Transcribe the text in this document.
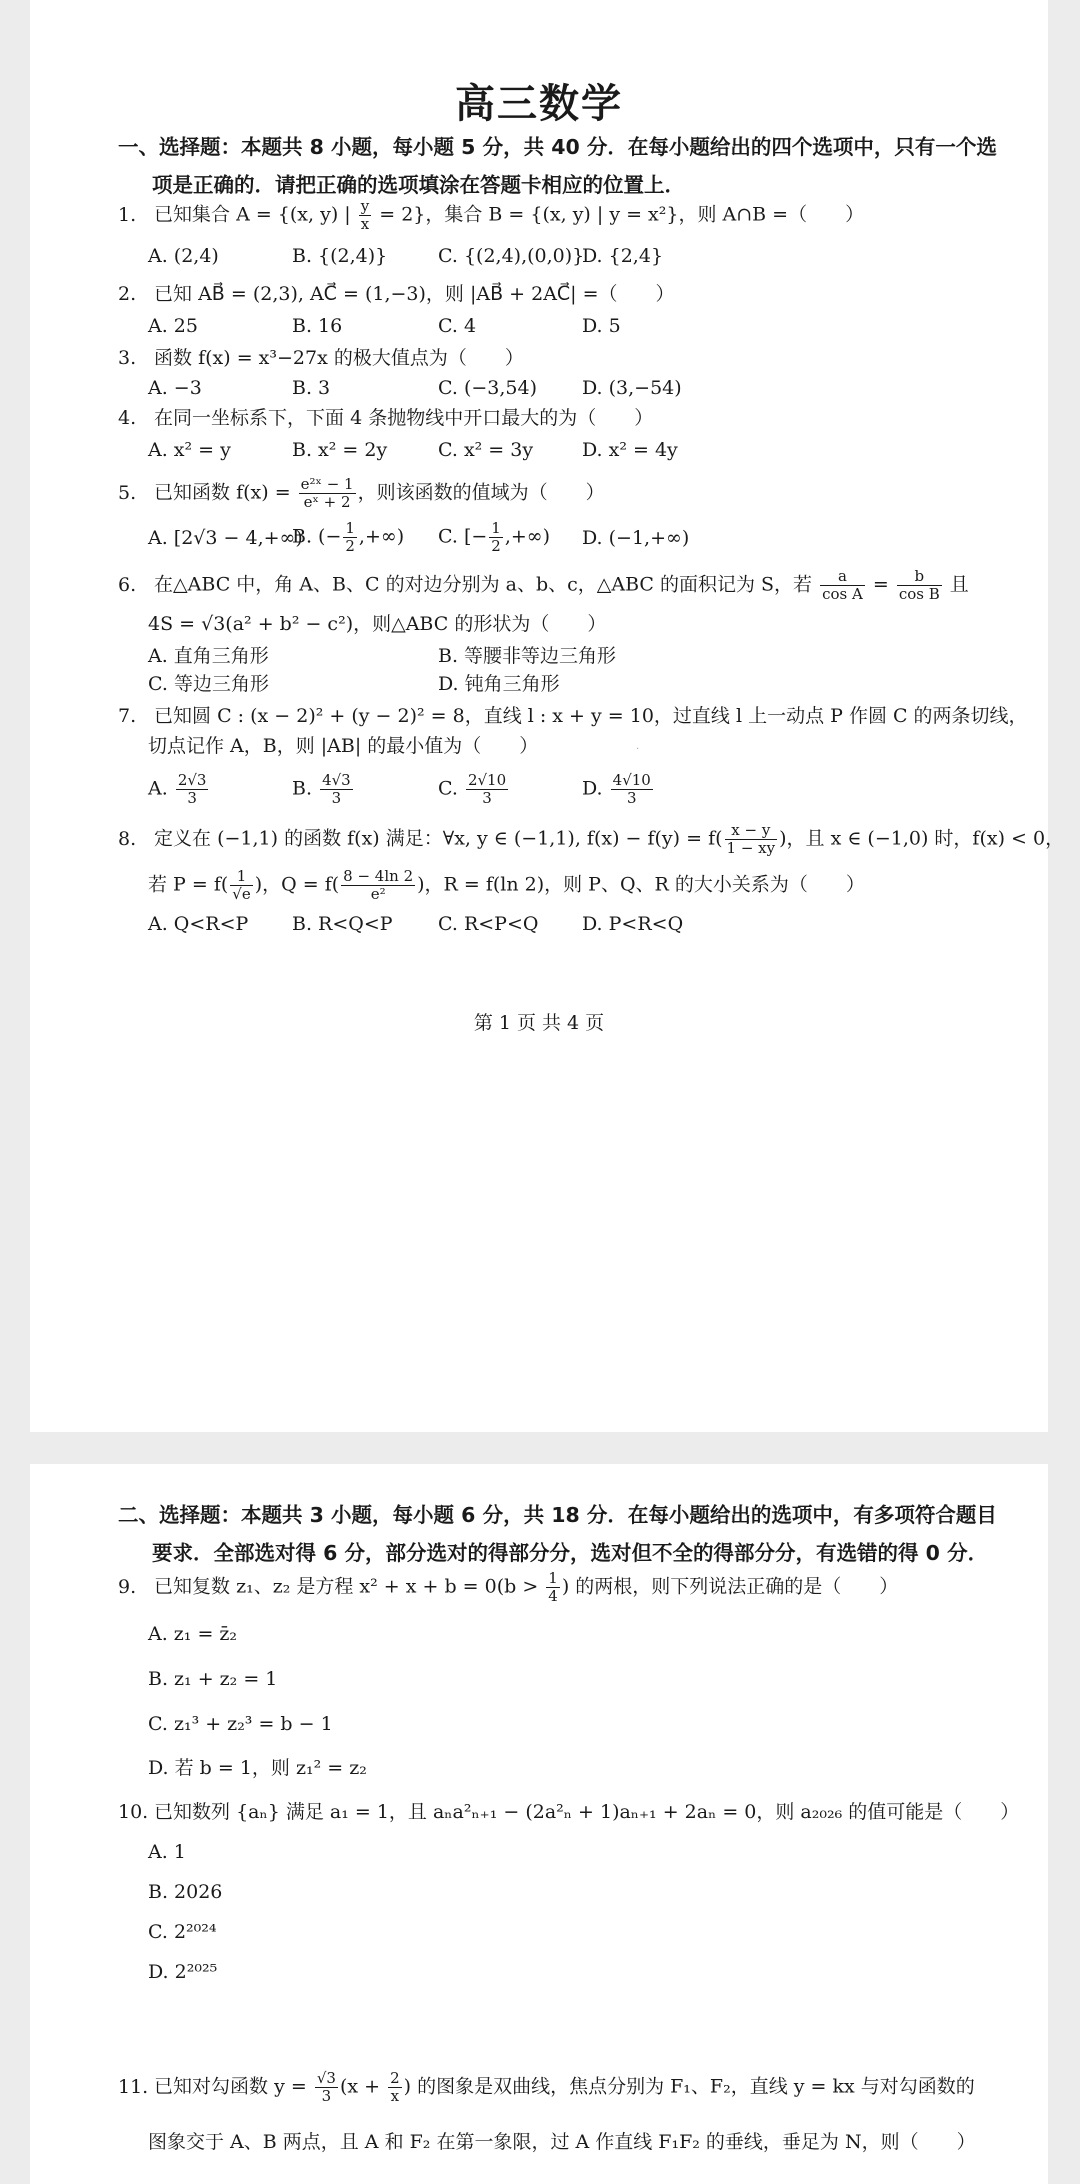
高三数学
一、选择题：本题共 8 小题，每小题 5 分，共 40 分．在每小题给出的四个选项中，只有一个选
项是正确的．请把正确的选项填涂在答题卡相应的位置上．
1. 已知集合 A = {(x, y) | $\frac{y}{x} = 2$}，集合 B = {(x, y) | y = x²}，则 A∩B =（　　）
A. (2,4)	B. {(2,4)}	C. {(2,4),(0,0)}
D. {2,4}
2. 已知 AB⃗ = (2,3), AC⃗ = (1,−3)，则 |AB⃗ + 2AC⃗| =（　　）
A. 25	B. 16	C. 4	D. 5
3. 函数 f(x) = x³−27x 的极大值点为（　　）
A. −3	B. 3	C. (−3,54) D. (3,−54)
4. 在同一坐标系下，下面 4 条抛物线中开口最大的为（　　）
A. x² = y	B. x² = 2y	C. x² = 3y	D. x² = 4y
5. 已知函数 $f(x) = \frac{\text{e²ˣ − 1}}{\text{eˣ + 2}}$ ，则该函数的值域为（　　）
A. [2√3 − 4,+∞)
B. (− $\frac{1}{2}$ ,+∞) C. [− $\frac{1}{2}$ ,+∞) D. (−1,+∞)
6. 在△ABC 中，角 A、B、C 的对边分别为 a、b、c，△ABC 的面积记为 S，若 $\frac{a}{\text{cos A}} = \frac{b}{\text{cos B}}$ 且
4S = √3(a² + b² − c²)，则△ABC 的形状为（　　）
A. 直角三角形	B. 等腰非等边三角形
C. 等边三角形	D. 钝角三角形
7. 已知圆 C : (x − 2)² + (y − 2)² = 8，直线 l : x + y = 10，过直线 l 上一动点 P 作圆 C 的两条切线，
切点记作 A，B，则 |AB| 的最小值为（　　）
A. $\frac{2√3}{3}$	B. $\frac{4√3}{3}$	C. $\frac{2√10}{3}$	D. $\frac{4√10}{3}$
8. 定义在 (−1,1) 的函数 f(x) 满足：∀x, y ∈ (−1,1), $f(x) - f(y) = f( \frac{x - y}{1 - xy}$ )，且 x ∈ (−1,0) 时，f(x) < 0，
若 $P = f( \frac{1}{√e}$ )，$Q = f( \frac{8 - 4\ln 2}{\text{e²}}$ )，R = f(ln 2)，则 P、Q、R 的大小关系为（　　）
A. Q<R<P B. R<Q<P C. R<P<Q D. P<R<Q
·
第 1 页 共 4 页
二、选择题：本题共 3 小题，每小题 6 分，共 18 分．在每小题给出的选项中，有多项符合题目
要求．全部选对得 6 分，部分选对的得部分分，选对但不全的得部分分，有选错的得 0 分．
9. 已知复数 z₁、z₂ 是方程 $x^2 + x + b = 0(b > \frac{1}{4}$ ) 的两根，则下列说法正确的是（　　）
A. z₁ = z̄₂
B. z₁ + z₂ = 1
C. z₁³ + z₂³ = b − 1
D. 若 b = 1，则 z₁² = z₂
10. 已知数列 {aₙ} 满足 a₁ = 1，且 aₙa²ₙ₊₁ − (2a²ₙ + 1)aₙ₊₁ + 2aₙ = 0，则 a₂₀₂₆ 的值可能是（　　）
A. 1
B. 2026
C. 2²⁰²⁴
D. 2²⁰²⁵
11. 已知对勾函数 $y = \frac{√3}{3} (x + \frac{2}{x}$ ) 的图象是双曲线，焦点分别为 F₁、F₂，直线 y = kx 与对勾函数的
图象交于 A、B 两点，且 A 和 F₂ 在第一象限，过 A 作直线 F₁F₂ 的垂线，垂足为 N，则（　　）
